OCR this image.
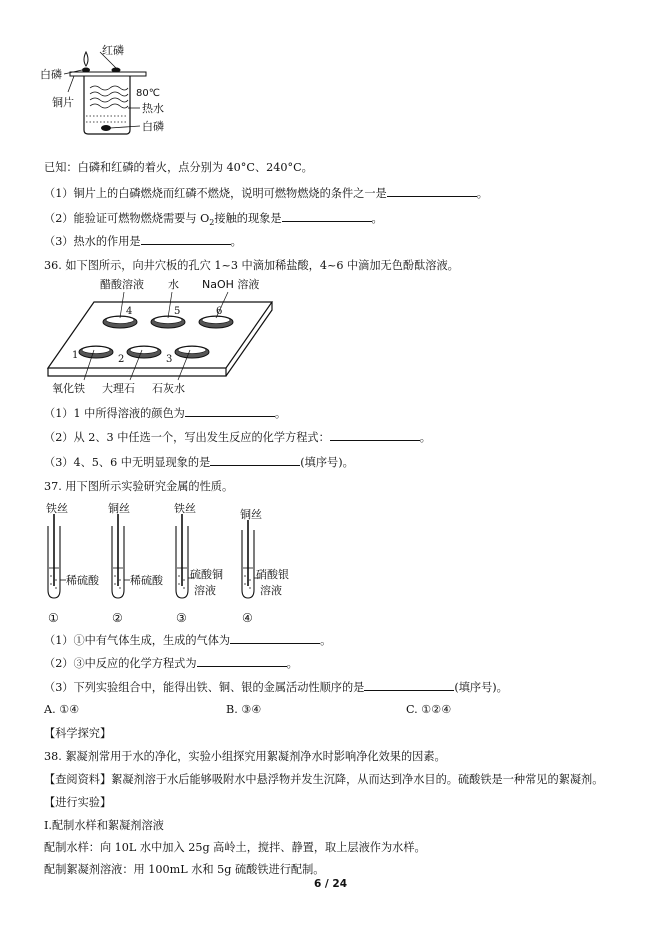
红磷
白磷
铜片
80℃
热水
白磷
已知：白磷和红磷的着火，点分别为 40°C、240°C。
（1）铜片上的白磷燃烧而红磷不燃烧，说明可燃物燃烧的条件之一是	。
（2）能验证可燃物燃烧需要与 $O_2$接触的现象是	。
（3）热水的作用是	。
36. 如下图所示，向井穴板的孔穴 1~3 中滴加稀盐酸，4~6 中滴加无色酚酞溶液。
醋酸溶液 水 NaOH 溶液
4	5	6
1	2	3
氧化铁 大理石 石灰水
（1）1 中所得溶液的颜色为	。
（2）从 2、3 中任选一个，写出发生反应的化学方程式：	。
（3）4、5、6 中无明显现象的是	(填序号)。
37. 用下图所示实验研究金属的性质。
铁丝	铜丝	铁丝	铜丝
稀硫酸	稀硫酸 硫酸铜
溶液
硝酸银
溶液
①	②	③	④
（1）①中有气体生成，生成的气体为	。
（2）③中反应的化学方程式为	。
（3）下列实验组合中，能得出铁、铜、银的金属活动性顺序的是	(填序号)。
A. ①④	B. ③④	C. ①②④
【科学探究】
38. 絮凝剂常用于水的净化，实验小组探究用絮凝剂净水时影响净化效果的因素。
【查阅资料】絮凝剂溶于水后能够吸附水中悬浮物并发生沉降，从而达到净水目的。硫酸铁是一种常见的絮凝剂。
【进行实验】
I.配制水样和絮凝剂溶液
配制水样：向 10L 水中加入 25g 高岭土，搅拌、静置，取上层液作为水样。
配制絮凝剂溶液：用 100mL 水和 5g 硫酸铁进行配制。
6 / 24
